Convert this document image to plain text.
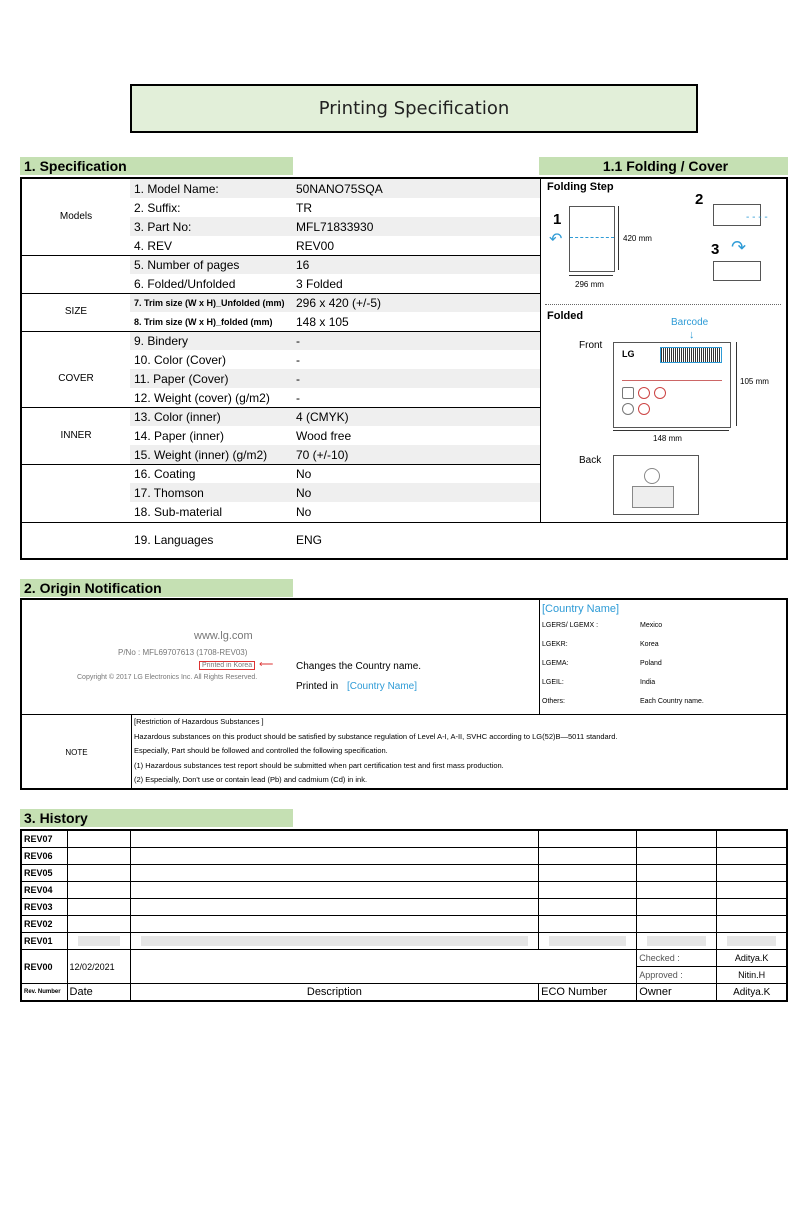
Printing Specification
1. Specification	1.1 Folding / Cover
1. Model Name:	50NANO75SQA
2. Suffix:	TR
3. Part No:	MFL71833930
4. REV	REV00
5. Number of pages	16
6. Folded/Unfolded	3 Folded
7. Trim size (W x H)_Unfolded (mm) 296 x 420 (+/-5)
8. Trim size (W x H)_folded (mm) 148 x 105
9. Bindery	-
10. Color (Cover)	-
11. Paper (Cover)	-
12. Weight (cover) (g/m2) -
13. Color (inner)	4 (CMYK)
14. Paper (inner)	Wood free
15. Weight (inner) (g/m2) 70 (+/-10)
16. Coating	No
17. Thomson	No
18. Sub-material	No
19. Languages	ENG
Models
SIZE
COVER
INNER
Folding Step
1
↶	420 mm
296 mm
2
- - - -
3 ↷
Folded
Barcode
↓
Front
LG
105 mm
148 mm
Back
2. Origin Notification
www.lg.com
P/No : MFL69707613 (1708-REV03)
Printed in Korea ⟵
Copyright © 2017 LG Electronics Inc. All Rights Reserved.
Changes the Country name.
Printed in [Country Name]
[Country Name]
LGERS/ LGEMX :	Mexico
LGEKR:	Korea
LGEMA:	Poland
LGEIL:	India
Others:	Each Country name.
NOTE
[Restriction of Hazardous Substances ]
Hazardous substances on this product should be satisfied by substance regulation of Level A-I, A-II, SVHC according to LG(52)B—5011 standard.
Especially, Part should be followed and controlled the following specification.
(1) Hazardous substances test report should be submitted when part certification test and first mass production.
(2) Especially, Don't use or contain lead (Pb) and cadmium (Cd) in ink.
3. History
REV07					
REV06					
REV05					
REV04					
REV03					
REV02					
REV01	

REV00	12/02/2021			Checked :	Aditya.K
				Approved :	Nitin.H
Rev. Number	Date	Description	ECO Number	Owner	Aditya.K
